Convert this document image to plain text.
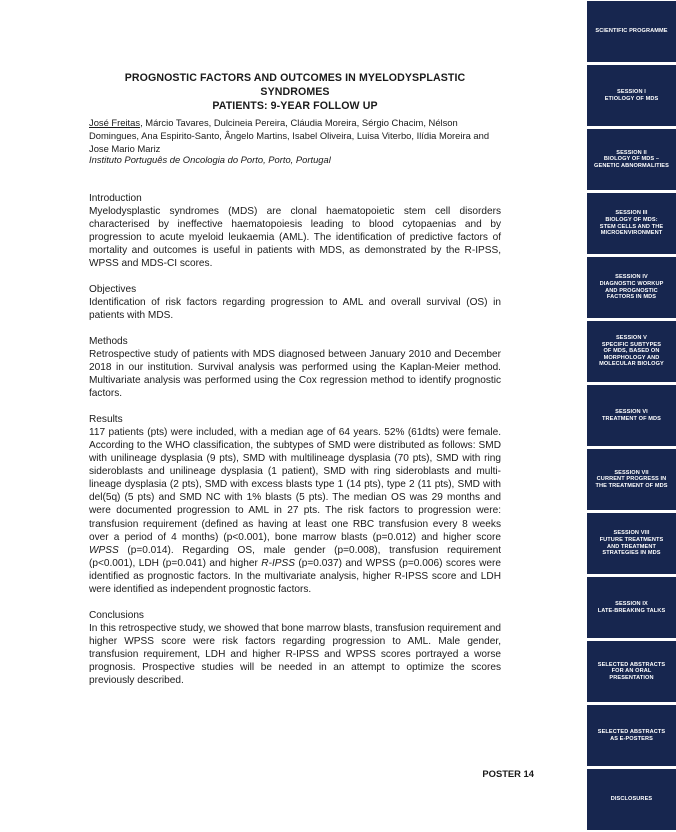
PROGNOSTIC FACTORS AND OUTCOMES IN MYELODYSPLASTIC SYNDROMES
PATIENTS: 9-YEAR FOLLOW UP
José Freitas, Márcio Tavares, Dulcineia Pereira, Cláudia Moreira, Sérgio Chacim, Nélson Domingues, Ana Espirito-Santo, Ângelo Martins, Isabel Oliveira, Luisa Viterbo, Ilídia Moreira and Jose Mario Mariz
Instituto Português de Oncologia do Porto, Porto, Portugal
Introduction

Myelodysplastic syndromes (MDS) are clonal haematopoietic stem cell disorders characterised by ineffective haematopoiesis leading to blood cytopaenias and by progression to acute myeloid leukaemia (AML). The identification of predictive factors of mortality and outcomes is useful in patients with MDS, as demonstrated by the R-IPSS, WPSS and MDS-CI scores.

Objectives

Identification of risk factors regarding progression to AML and overall survival (OS) in patients with MDS.

Methods

Retrospective study of patients with MDS diagnosed between January 2010 and December 2018 in our institution. Survival analysis was performed using the Kaplan-Meier method. Multivariate analysis was performed using the Cox regression method to identify prognostic factors.

Results

117 patients (pts) were included, with a median age of 64 years. 52% (61dts) were female. According to the WHO classification, the subtypes of SMD were distributed as follows: SMD with unilineage dysplasia (9 pts), SMD with multilineage dysplasia (70 pts), SMD with ring sideroblasts and unilineage dysplasia (1 patient), SMD with ring sideroblasts and multi-lineage dysplasia (2 pts), SMD with excess blasts type 1 (14 pts), type 2 (11 pts), SMD with del(5q) (5 pts) and SMD NC with 1% blasts (5 pts). The median OS was 29 months and were documented progression to AML in 27 pts. The risk factors to progression were: transfusion requirement (defined as having at least one RBC transfusion every 8 weeks over a period of 4 months) (p<0.001), bone marrow blasts (p=0.012) and higher score WPSS (p=0.014). Regarding OS, male gender (p=0.008), transfusion requirement (p<0.001), LDH (p=0.041) and higher R-IPSS (p=0.037) and WPSS (p=0.006) scores were identified as prognostic factors. In the multivariate analysis, higher R-IPSS score and LDH were identified as independent prognostic factors.

Conclusions

In this retrospective study, we showed that bone marrow blasts, transfusion requirement and higher WPSS score were risk factors regarding progression to AML. Male gender, transfusion requirement, LDH and higher R-IPSS and WPSS scores portrayed a worse prognosis. Prospective studies will be needed in an attempt to optimize the scores previously described.

POSTER 14
SCIENTIFIC PROGRAMME
SESSION I
ETIOLOGY OF MDS
SESSION II
BIOLOGY OF MDS –
GENETIC ABNORMALITIES
SESSION III
BIOLOGY OF MDS:
STEM CELLS AND THE
MICROENVIRONMENT
SESSION IV
DIAGNOSTIC WORKUP
AND PROGNOSTIC
FACTORS IN MDS
SESSION V
SPECIFIC SUBTYPES
OF MDS, BASED ON
MORPHOLOGY AND
MOLECULAR BIOLOGY
SESSION VI
TREATMENT OF MDS
SESSION VII
CURRENT PROGRESS IN
THE TREATMENT OF MDS
SESSION VIII
FUTURE TREATMENTS
AND TREATMENT
STRATEGIES IN MDS
SESSION IX
LATE-BREAKING TALKS
SELECTED ABSTRACTS
FOR AN ORAL
PRESENTATION
SELECTED ABSTRACTS
AS E-POSTERS
DISCLOSURES
